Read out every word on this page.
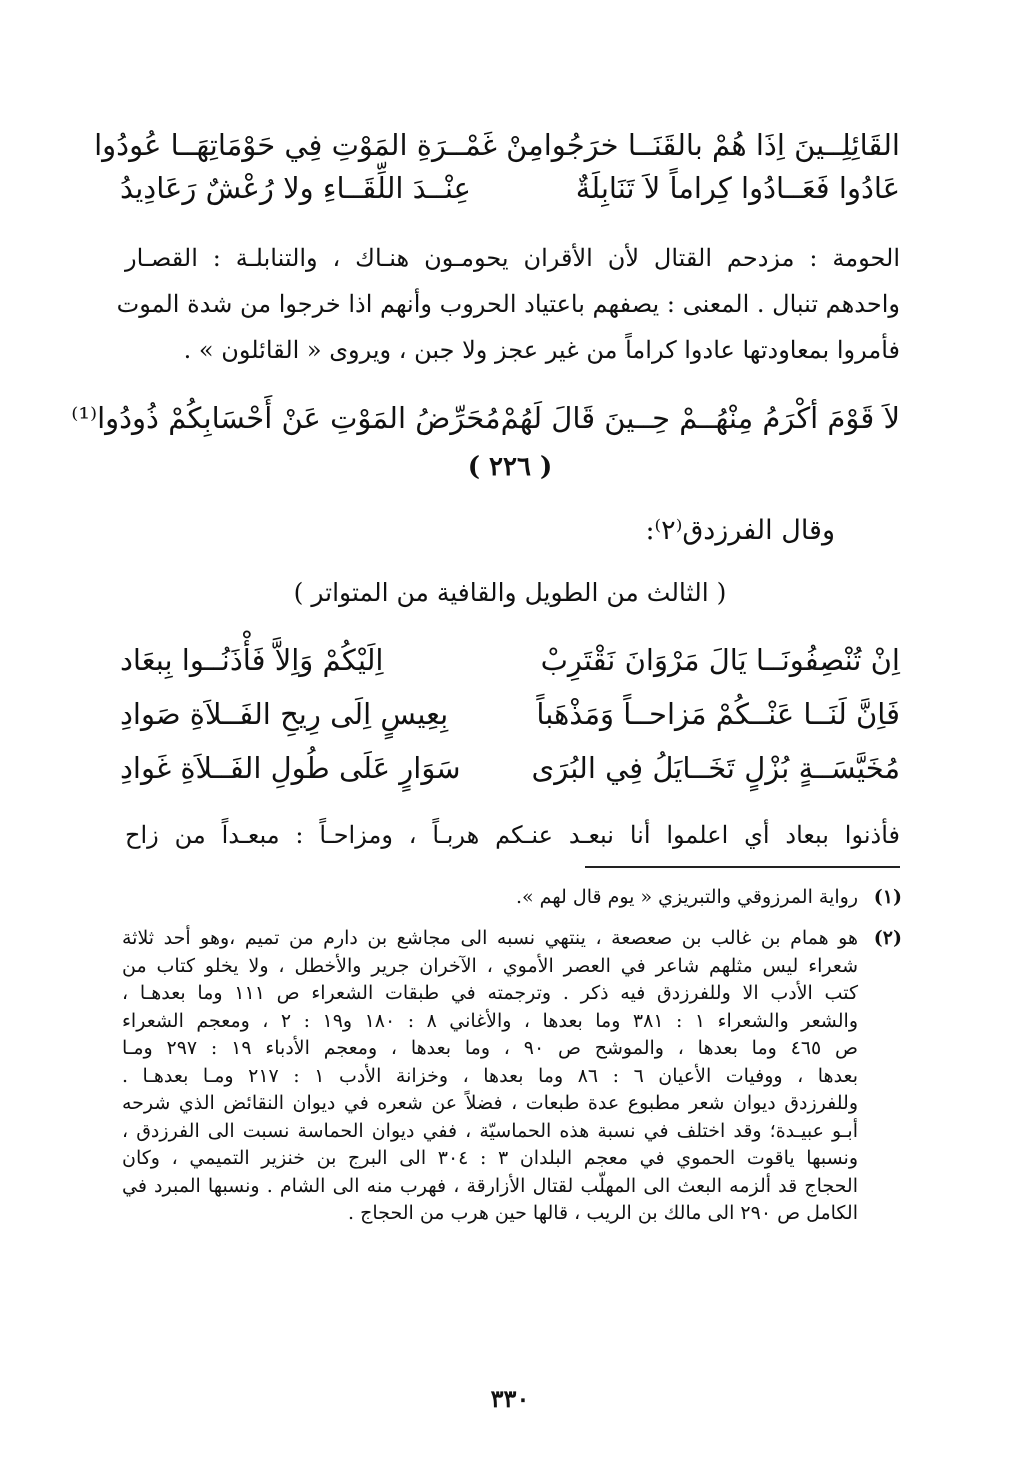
القَائِلِــينَ اِذَا هُمْ بالقَنَــا خرَجُوا
مِنْ غَمْــرَةِ المَوْتِ فِي حَوْمَاتِهَــا عُودُوا
عَادُوا فَعَــادُوا كِراماً لاَ تَنَابِلَةٌ
عِنْــدَ اللِّقَــاءِ ولا رُعْشٌ رَعَادِيدُ
الحومة : مزدحم القتال لأن الأقران يحومـون هنـاك ، والتنابلـة : القصـار
واحدهم تنبال . المعنى : يصفهم باعتياد الحروب وأنهم اذا خرجوا من شدة الموت
فأمروا بمعاودتها عادوا كراماً من غير عجز ولا جبن ، ويروى « القائلون » .
لاَ قَوْمَ أكْرَمُ مِنْهُــمْ حِــينَ قَالَ لَهُمْ
مُحَرِّضُ المَوْتِ عَنْ أَحْسَابِكُمْ ذُودُوا⁽¹⁾
( ٢٢٦ )
وقال الفرزدق⁽٢⁾:
( الثالث من الطويل والقافية من المتواتر )
اِنْ تُنْصِفُونَــا يَالَ مَرْوَانَ نَقْتَرِبْ
اِلَيْكُمْ وَاِلاَّ فَأْذَنُــوا بِبعَاد
فَاِنَّ لَنَــا عَنْــكُمْ مَزاحــاً وَمَذْهَباً
بِعِيسٍ اِلَى رِيحِ الفَــلاَةِ صَوادِ
مُخَيَّسَــةٍ بُزْلٍ تَخَــايَلُ فِي البُرَى
سَوَارٍ عَلَى طُولِ الفَــلاَةِ غَوادِ
فأذنوا ببعاد أي اعلموا أنا نبعـد عنـكم هربـاً ، ومزاحـاً : مبعـداً من زاح
(١)
رواية المرزوقي والتبريزي « يوم قال لهم ».
(٢)
هو همام بن غالب بن صعصعة ، ينتهي نسبه الى مجاشع بن دارم من تميم ،وهو أحد ثلاثة
شعراء ليس مثلهم شاعر في العصر الأموي ، الآخران جرير والأخطل ، ولا يخلو كتاب من
كتب الأدب الا وللفرزدق فيه ذكر . وترجمته في طبقات الشعراء ص ١١١ وما بعدهـا ،
والشعر والشعراء ١ : ٣٨١ وما بعدها ، والأغاني ٨ : ١٨٠ و١٩ : ٢ ، ومعجم الشعراء
ص ٤٦٥ وما بعدها ، والموشح ص ٩٠ ، وما بعدها ، ومعجم الأدباء ١٩ : ٢٩٧ ومـا
بعدها ، ووفيات الأعيان ٦ : ٨٦ وما بعدها ، وخزانة الأدب ١ : ٢١٧ ومـا بعدهـا .
وللفرزدق ديوان شعر مطبوع عدة طبعات ، فضلاً عن شعره في ديوان النقائض الذي شرحه
أبـو عبيـدة؛ وقد اختلف في نسبة هذه الحماسيّة ، ففي ديوان الحماسة نسبت الى الفرزدق ،
ونسبها ياقوت الحموي في معجم البلدان ٣ : ٣٠٤ الى البرج بن خنزير التميمي ، وكان
الحجاج قد ألزمه البعث الى المهلّب لقتال الأزارقة ، فهرب منه الى الشام . ونسبها المبرد في
الكامل ص ٢٩٠ الى مالك بن الريب ، قالها حين هرب من الحجاج .
٣٣٠
